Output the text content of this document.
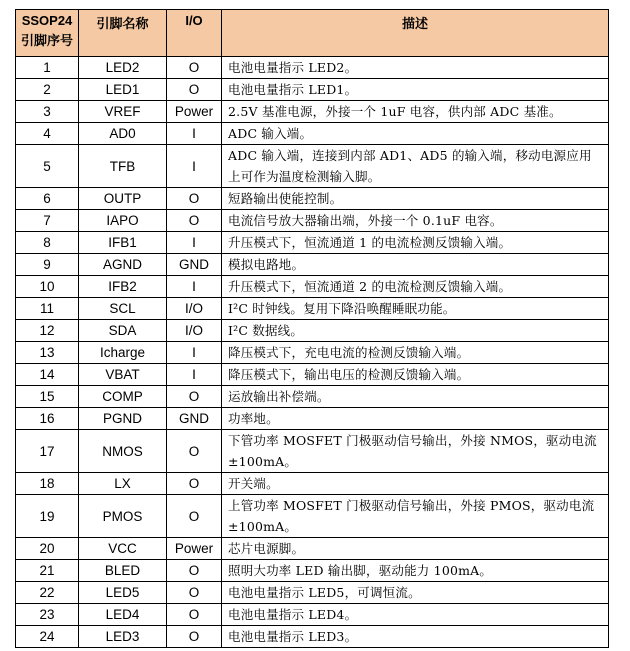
SSOP24
引脚序号	引脚名称	I/O	描述
1	LED2	O	电池电量指示 LED2。
2	LED1	O	电池电量指示 LED1。
3	VREF	Power	2.5V 基准电源，外接一个 1uF 电容，供内部 ADC 基准。
4	AD0	I	ADC 输入端。
5	TFB	I	ADC 输入端，连接到内部 AD1、AD5 的输入端，移动电源应用上可作为温度检测输入脚。
6	OUTP	O	短路输出使能控制。
7	IAPO	O	电流信号放大器输出端，外接一个 0.1uF 电容。
8	IFB1	I	升压模式下，恒流通道 1 的电流检测反馈输入端。
9	AGND	GND	模拟电路地。
10	IFB2	I	升压模式下，恒流通道 2 的电流检测反馈输入端。
11	SCL	I/O	I²C 时钟线。复用下降沿唤醒睡眠功能。
12	SDA	I/O	I²C 数据线。
13	Icharge	I	降压模式下，充电电流的检测反馈输入端。
14	VBAT	I	降压模式下，输出电压的检测反馈输入端。
15	COMP	O	运放输出补偿端。
16	PGND	GND	功率地。
17	NMOS	O	下管功率 MOSFET 门极驱动信号输出，外接 NMOS，驱动电流±100mA。
18	LX	O	开关端。
19	PMOS	O	上管功率 MOSFET 门极驱动信号输出，外接 PMOS，驱动电流±100mA。
20	VCC	Power	芯片电源脚。
21	BLED	O	照明大功率 LED 输出脚，驱动能力 100mA。
22	LED5	O	电池电量指示 LED5，可调恒流。
23	LED4	O	电池电量指示 LED4。
24	LED3	O	电池电量指示 LED3。
